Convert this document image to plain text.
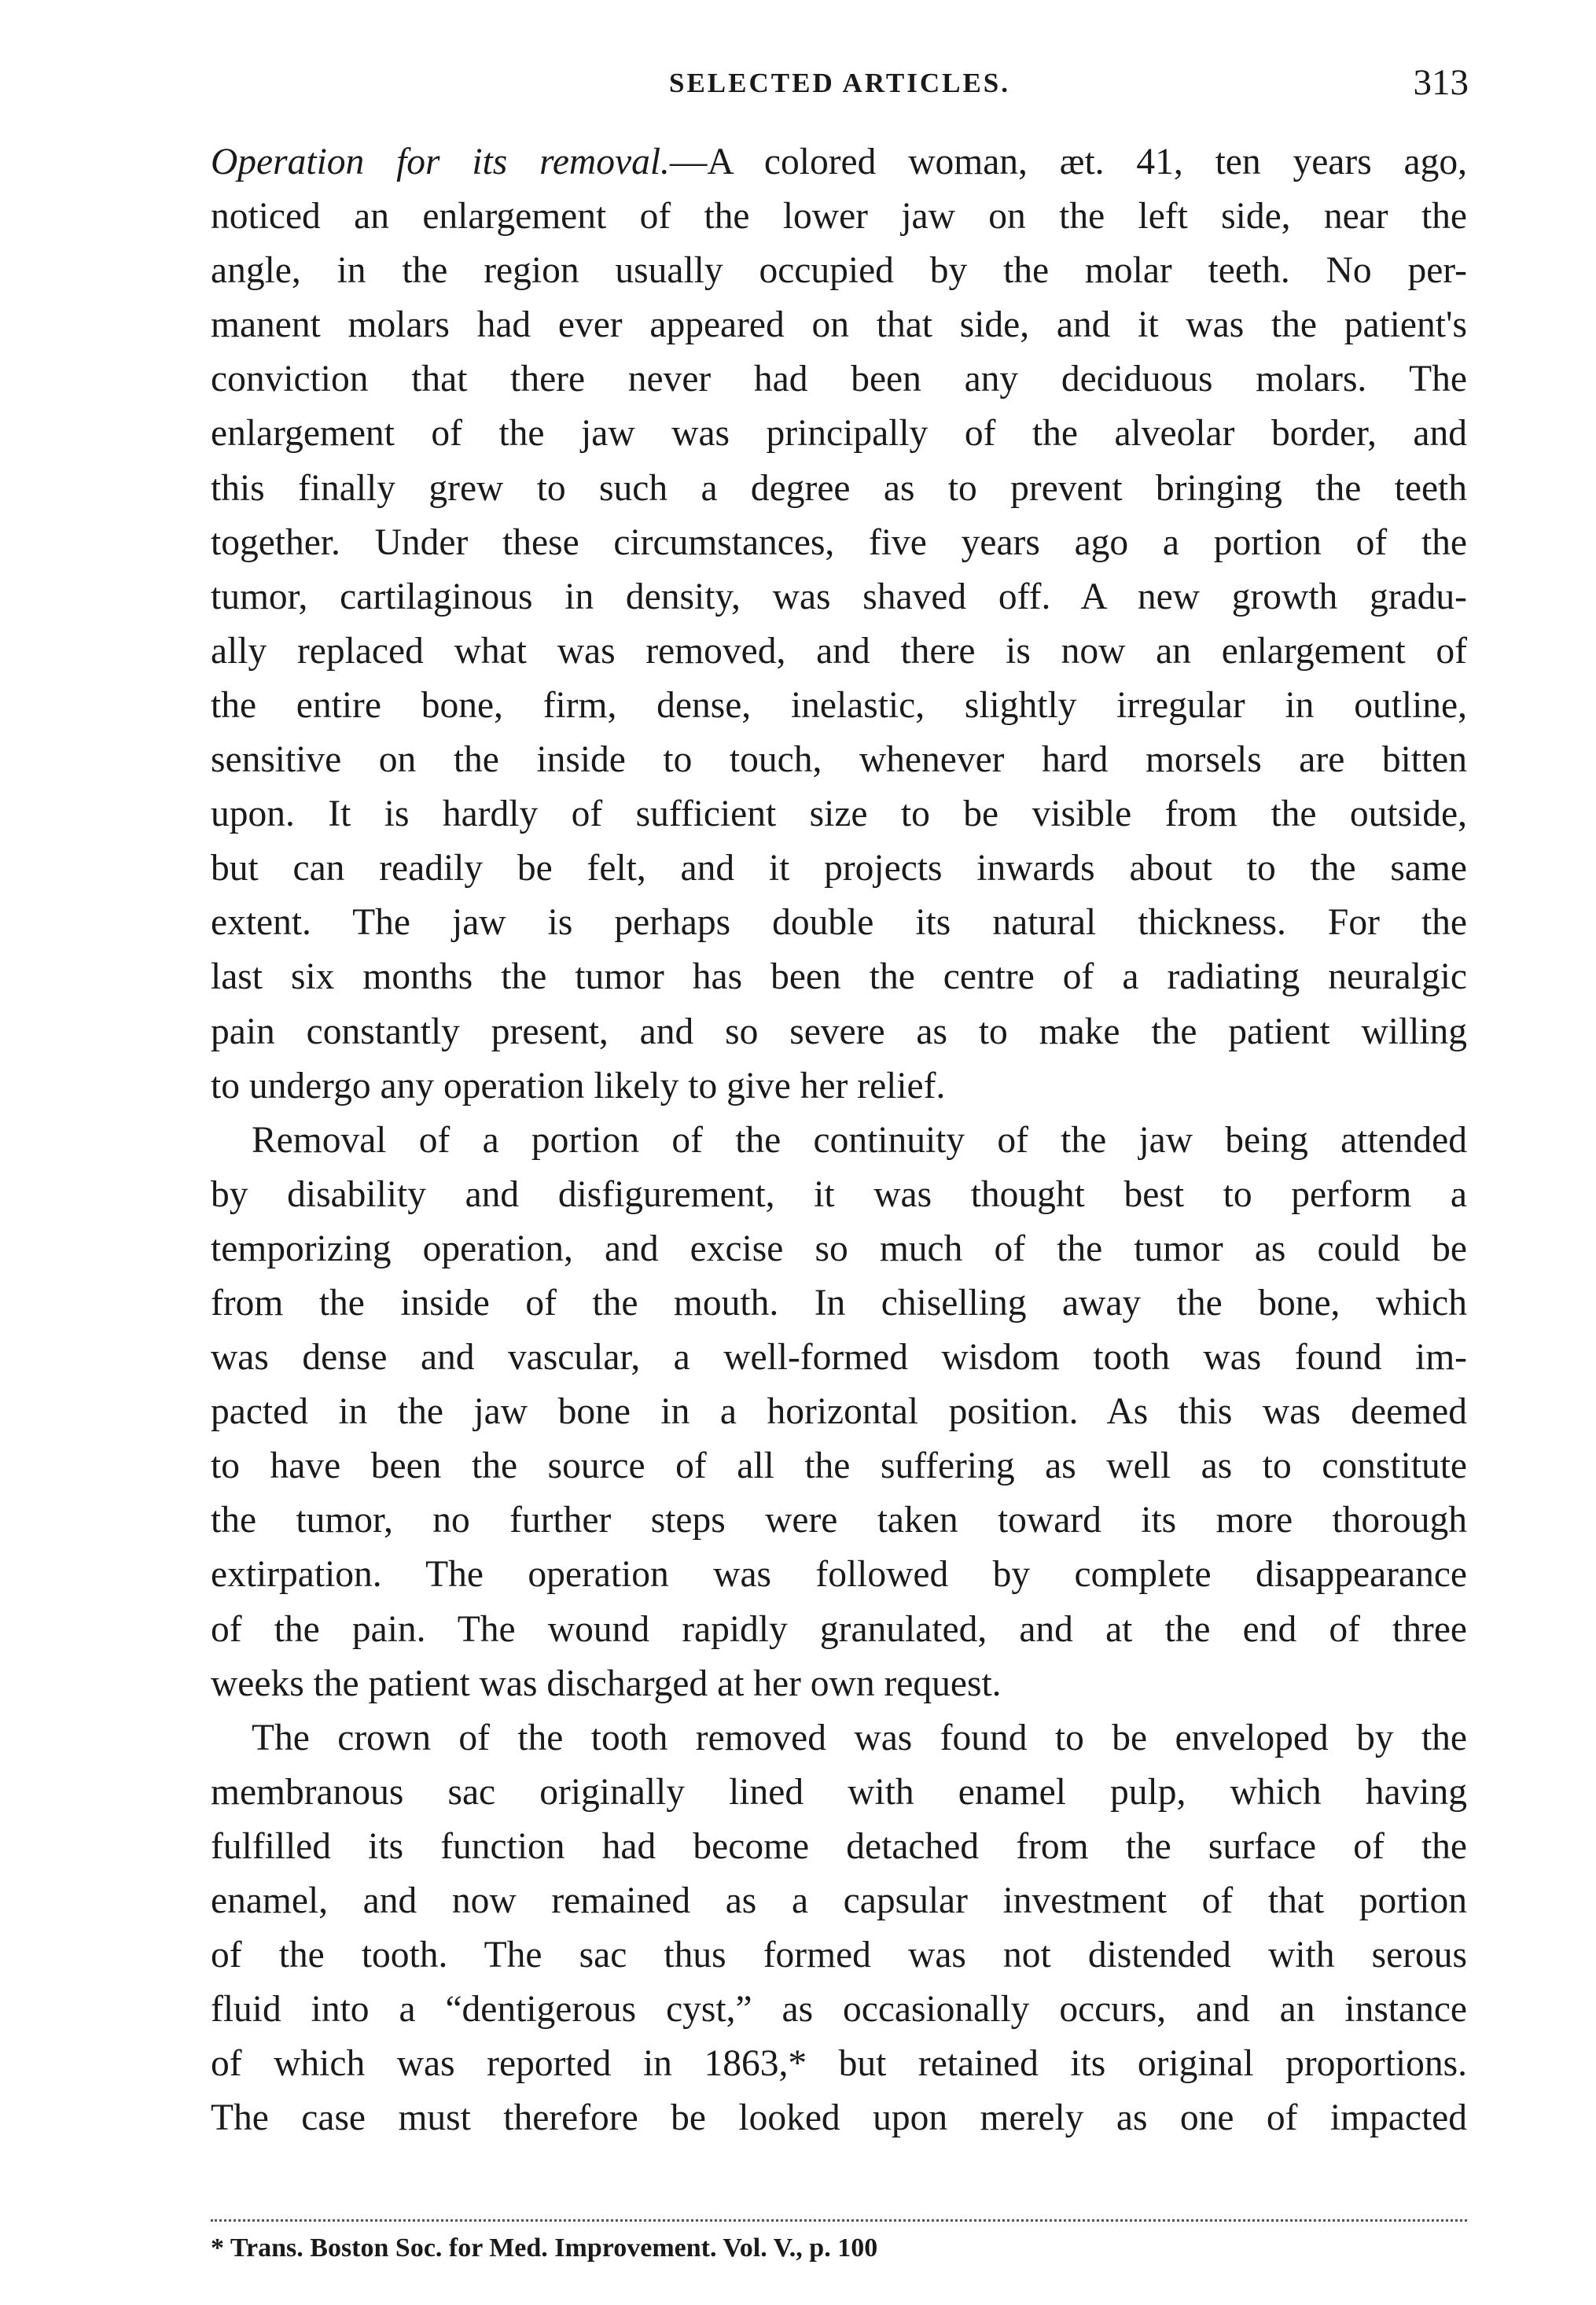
SELECTED ARTICLES.	313
Operation for its removal.—A colored woman, æt. 41, ten years ago,
noticed an enlargement of the lower jaw on the left side, near the
angle, in the region usually occupied by the molar teeth. No per-
manent molars had ever appeared on that side, and it was the patient's
conviction that there never had been any deciduous molars. The
enlargement of the jaw was principally of the alveolar border, and
this finally grew to such a degree as to prevent bringing the teeth
together. Under these circumstances, five years ago a portion of the
tumor, cartilaginous in density, was shaved off. A new growth gradu-
ally replaced what was removed, and there is now an enlargement of
the entire bone, firm, dense, inelastic, slightly irregular in outline,
sensitive on the inside to touch, whenever hard morsels are bitten
upon. It is hardly of sufficient size to be visible from the outside,
but can readily be felt, and it projects inwards about to the same
extent. The jaw is perhaps double its natural thickness. For the
last six months the tumor has been the centre of a radiating neuralgic
pain constantly present, and so severe as to make the patient willing
to undergo any operation likely to give her relief.
Removal of a portion of the continuity of the jaw being attended
by disability and disfigurement, it was thought best to perform a
temporizing operation, and excise so much of the tumor as could be
from the inside of the mouth. In chiselling away the bone, which
was dense and vascular, a well-formed wisdom tooth was found im-
pacted in the jaw bone in a horizontal position. As this was deemed
to have been the source of all the suffering as well as to constitute
the tumor, no further steps were taken toward its more thorough
extirpation. The operation was followed by complete disappearance
of the pain. The wound rapidly granulated, and at the end of three
weeks the patient was discharged at her own request.
The crown of the tooth removed was found to be enveloped by the
membranous sac originally lined with enamel pulp, which having
fulfilled its function had become detached from the surface of the
enamel, and now remained as a capsular investment of that portion
of the tooth. The sac thus formed was not distended with serous
fluid into a “dentigerous cyst,” as occasionally occurs, and an instance
of which was reported in 1863,* but retained its original proportions.
The case must therefore be looked upon merely as one of impacted
* Trans. Boston Soc. for Med. Improvement. Vol. V., p. 100
